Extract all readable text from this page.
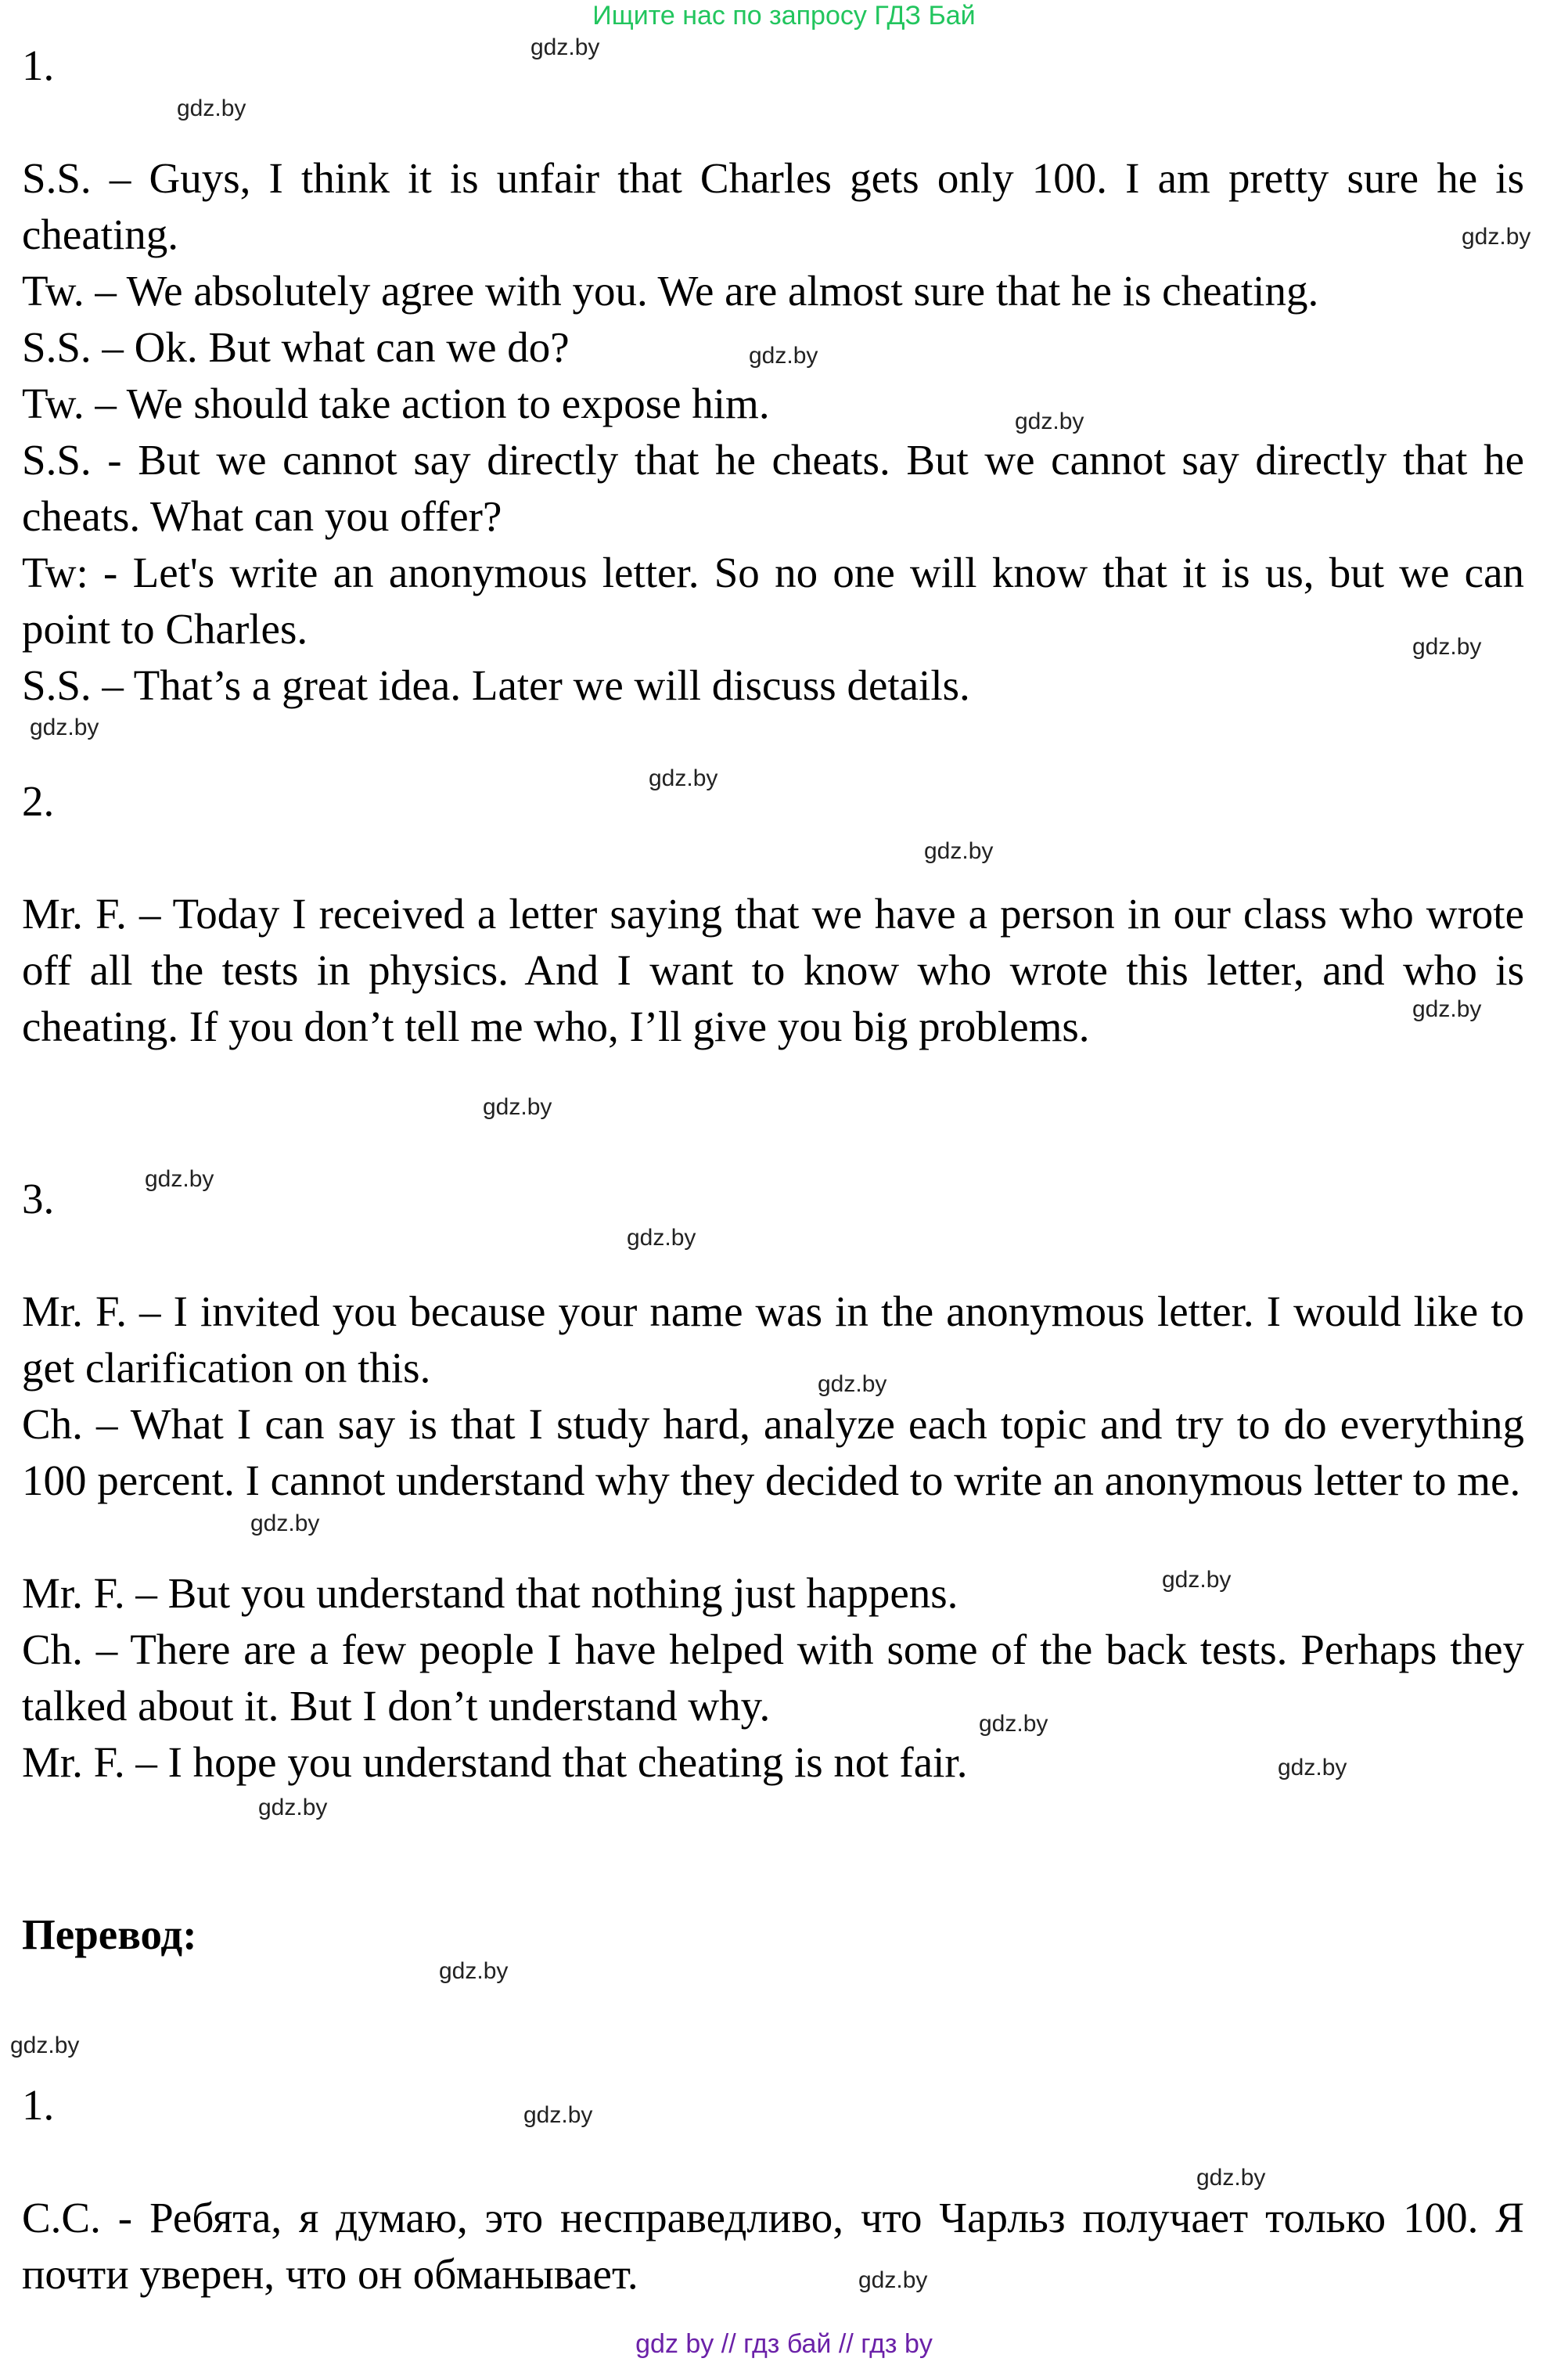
Ищите нас по запросу ГДЗ Бай
1.
S.S. – Guys, I think it is unfair that Charles gets only 100. I am pretty sure he is cheating.
Tw. – We absolutely agree with you. We are almost sure that he is cheating.
S.S. – Ok. But what can we do?
Tw. – We should take action to expose him.
S.S. - But we cannot say directly that he cheats. But we cannot say directly that he cheats. What can you offer?
Tw: - Let's write an anonymous letter. So no one will know that it is us, but we can point to Charles.
S.S. – That’s a great idea. Later we will discuss details.
2.
Mr. F. – Today I received a letter saying that we have a person in our class who wrote off all the tests in physics. And I want to know who wrote this letter, and who is cheating. If you don’t tell me who, I’ll give you big problems.
3.
Mr. F. – I invited you because your name was in the anonymous letter. I would like to get clarification on this.
Ch. – What I can say is that I study hard, analyze each topic and try to do everything 100 percent. I cannot understand why they decided to write an anonymous letter to me.
Mr. F. – But you understand that nothing just happens.
Ch. – There are a few people I have helped with some of the back tests. Perhaps they talked about it. But I don’t understand why.
Mr. F. – I hope you understand that cheating is not fair.
Перевод:
1.
С.С. - Ребята, я думаю, это несправедливо, что Чарльз получает только 100. Я почти уверен, что он обманывает.
gdz.by
gdz.by
gdz.by
gdz.by
gdz.by
gdz.by
gdz.by
gdz.by
gdz.by
gdz.by
gdz.by
gdz.by
gdz.by
gdz.by
gdz.by
gdz.by
gdz.by
gdz.by
gdz.by
gdz.by
gdz.by
gdz.by
gdz.by
gdz.by
gdz by // гдз бай // гдз by
